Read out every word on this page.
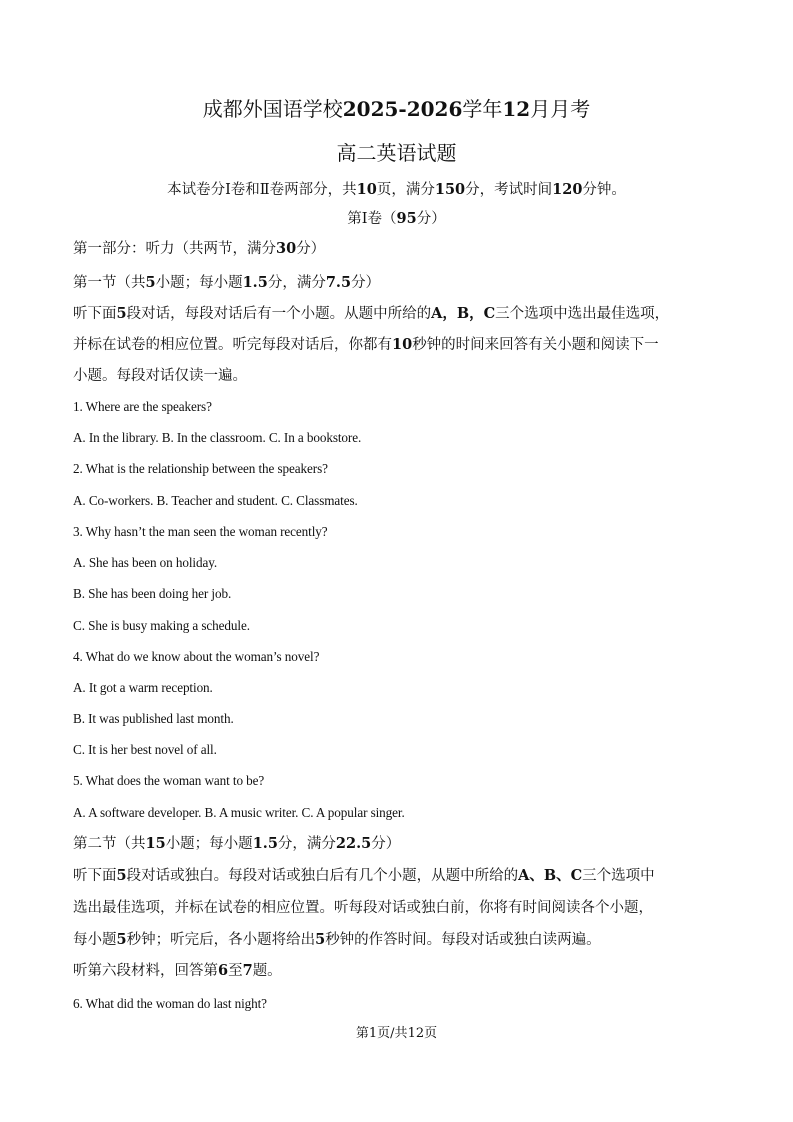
成都外国语学校2025-2026学年12月月考
高二英语试题
本试卷分Ⅰ卷和Ⅱ卷两部分，共10页，满分150分，考试时间120分钟。
第Ⅰ卷（95分）
第一部分：听力（共两节，满分30分）
第一节（共5小题；每小题1.5分，满分7.5分）
听下面5段对话，每段对话后有一个小题。从题中所给的A，B，C三个选项中选出最佳选项，
并标在试卷的相应位置。听完每段对话后，你都有10秒钟的时间来回答有关小题和阅读下一
小题。每段对话仅读一遍。
1. Where are the speakers?
A. In the library. B. In the classroom. C. In a bookstore.
2. What is the relationship between the speakers?
A. Co-workers. B. Teacher and student. C. Classmates.
3. Why hasn’t the man seen the woman recently?
A. She has been on holiday.
B. She has been doing her job.
C. She is busy making a schedule.
4. What do we know about the woman’s novel?
A. It got a warm reception.
B. It was published last month.
C. It is her best novel of all.
5. What does the woman want to be?
A. A software developer. B. A music writer. C. A popular singer.
第二节（共15小题；每小题1.5分，满分22.5分）
听下面5段对话或独白。每段对话或独白后有几个小题，从题中所给的A、B、C三个选项中
选出最佳选项，并标在试卷的相应位置。听每段对话或独白前，你将有时间阅读各个小题，
每小题5秒钟；听完后，各小题将给出5秒钟的作答时间。每段对话或独白读两遍。
听第六段材料，回答第6至7题。
6. What did the woman do last night?
第1页/共12页
